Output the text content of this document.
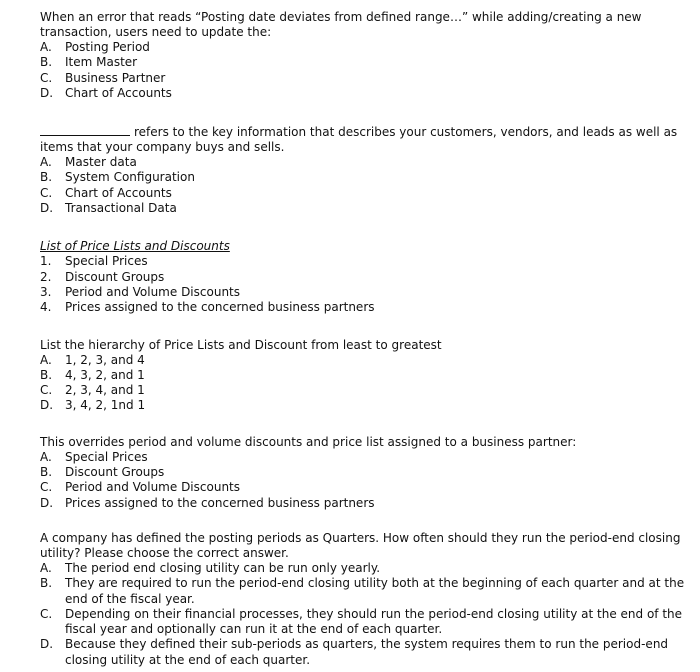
When an error that reads “Posting date deviates from defined range…” while adding/creating a new transaction, users need to update the:

A.	Posting Period
B.	Item Master
C.	Business Partner
D. Chart of Accounts

refers to the key information that describes your customers, vendors, and leads as well as items that your company buys and sells.

A.	Master data
B.	System Configuration
C.	Chart of Accounts
D. Transactional Data

List of Price Lists and Discounts

1.	Special Prices
2.	Discount Groups
3.	Period and Volume Discounts
4.	Prices assigned to the concerned business partners

List the hierarchy of Price Lists and Discount from least to greatest

A.	1, 2, 3, and 4
B.	4, 3, 2, and 1
C.	2, 3, 4, and 1
D. 3, 4, 2, 1nd 1

This overrides period and volume discounts and price list assigned to a business partner:

A.	Special Prices
B.	Discount Groups
C.	Period and Volume Discounts
D. Prices assigned to the concerned business partners

A company has defined the posting periods as Quarters. How often should they run the period-end closing utility? Please choose the correct answer.

A.	The period end closing utility can be run only yearly.
B.	They are required to run the period-end closing utility both at the beginning of each quarter and at the end of the fiscal year.
C.	Depending on their financial processes, they should run the period-end closing utility at the end of the fiscal year and optionally can run it at the end of each quarter.
D. Because they defined their sub-periods as quarters, the system requires them to run the period-end closing utility at the end of each quarter.
